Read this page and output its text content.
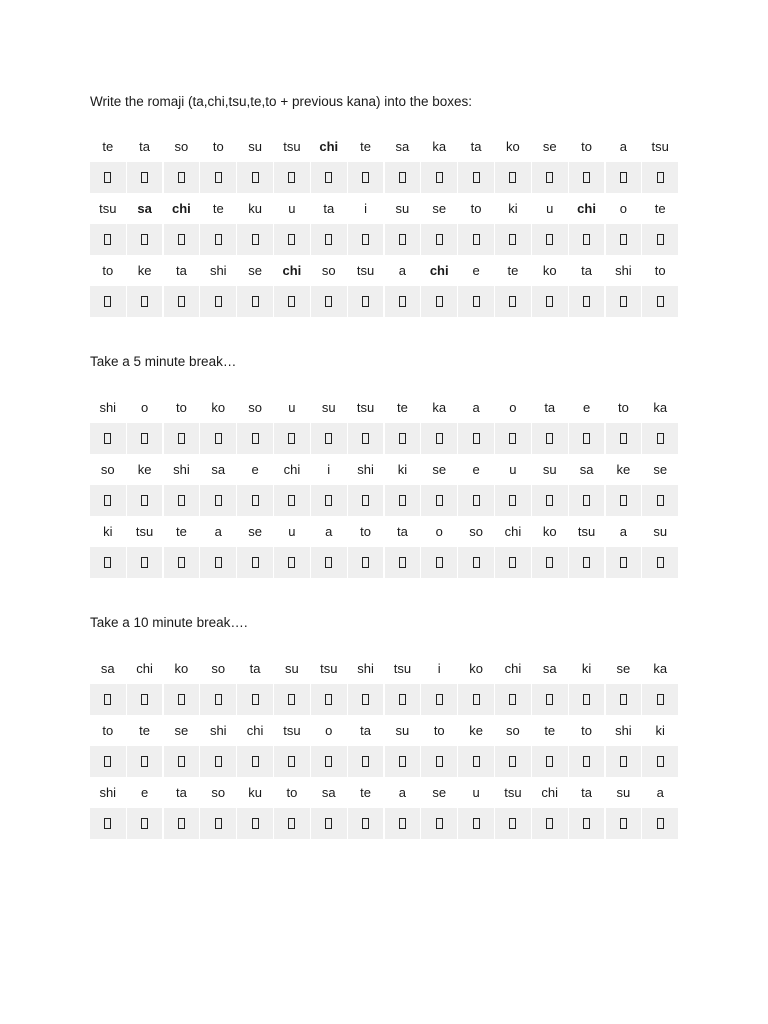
Write the romaji (ta,chi,tsu,te,to + previous kana) into the boxes:

te	ta	so	to	su	tsu	chi	te	sa	ka	ta	ko	se	to	a	tsu
tsu	sa	chi	te	ku	u	ta	i	su	se	to	ki	u	chi	o	te
to	ke	ta	shi	se	chi	so	tsu	a	chi	e	te	ko	ta	shi	to

Take a 5 minute break…

shi	o	to	ko	so	u	su	tsu	te	ka	a	o	ta	e	to	ka
so	ke	shi	sa	e	chi	i	shi	ki	se	e	u	su	sa	ke	se
ki	tsu	te	a	se	u	a	to	ta	o	so	chi	ko	tsu	a	su

Take a 10 minute break….

sa	chi	ko	so	ta	su	tsu	shi	tsu	i	ko	chi	sa	ki	se	ka
to	te	se	shi	chi	tsu	o	ta	su	to	ke	so	te	to	shi	ki
shi	e	ta	so	ku	to	sa	te	a	se	u	tsu	chi	ta	su	a
